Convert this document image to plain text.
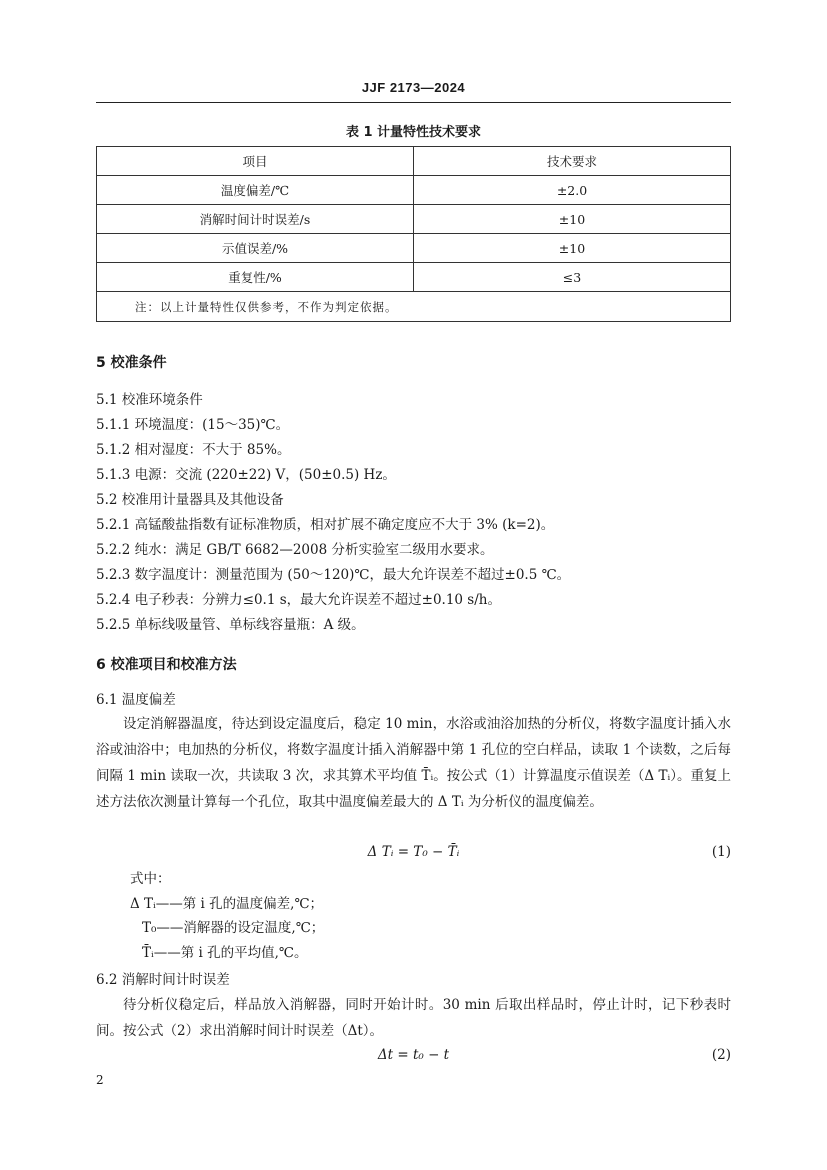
JJF 2173—2024
表 1 计量特性技术要求
项目	技术要求
温度偏差/℃	±2.0
消解时间计时误差/s	±10
示值误差/%	±10
重复性/%	≤3
注：以上计量特性仅供参考，不作为判定依据。	
5 校准条件
5.1 校准环境条件
5.1.1 环境温度：(15～35)℃。
5.1.2 相对湿度：不大于 85%。
5.1.3 电源：交流 (220±22) V，(50±0.5) Hz。
5.2 校准用计量器具及其他设备
5.2.1 高锰酸盐指数有证标准物质，相对扩展不确定度应不大于 3% (k=2)。
5.2.2 纯水：满足 GB/T 6682—2008 分析实验室二级用水要求。
5.2.3 数字温度计：测量范围为 (50～120)℃，最大允许误差不超过±0.5 ℃。
5.2.4 电子秒表：分辨力≤0.1 s，最大允许误差不超过±0.10 s/h。
5.2.5 单标线吸量管、单标线容量瓶：A 级。
6 校准项目和校准方法
6.1 温度偏差
设定消解器温度，待达到设定温度后，稳定 10 min，水浴或油浴加热的分析仪，将数字温度计插入水浴或油浴中；电加热的分析仪，将数字温度计插入消解器中第 1 孔位的空白样品，读取 1 个读数，之后每间隔 1 min 读取一次，共读取 3 次，求其算术平均值 T̄ᵢ。按公式（1）计算温度示值误差（Δ Tᵢ）。重复上述方法依次测量计算每一个孔位，取其中温度偏差最大的 Δ Tᵢ 为分析仪的温度偏差。
Δ Tᵢ = T₀ − T̄ᵢ	(1)
式中：
Δ Tᵢ——第 i 孔的温度偏差,℃；
T₀——消解器的设定温度,℃；
T̄ᵢ——第 i 孔的平均值,℃。
6.2 消解时间计时误差
待分析仪稳定后，样品放入消解器，同时开始计时。30 min 后取出样品时，停止计时，记下秒表时间。按公式（2）求出消解时间计时误差（Δt）。
Δt = t₀ − t	(2)
2
